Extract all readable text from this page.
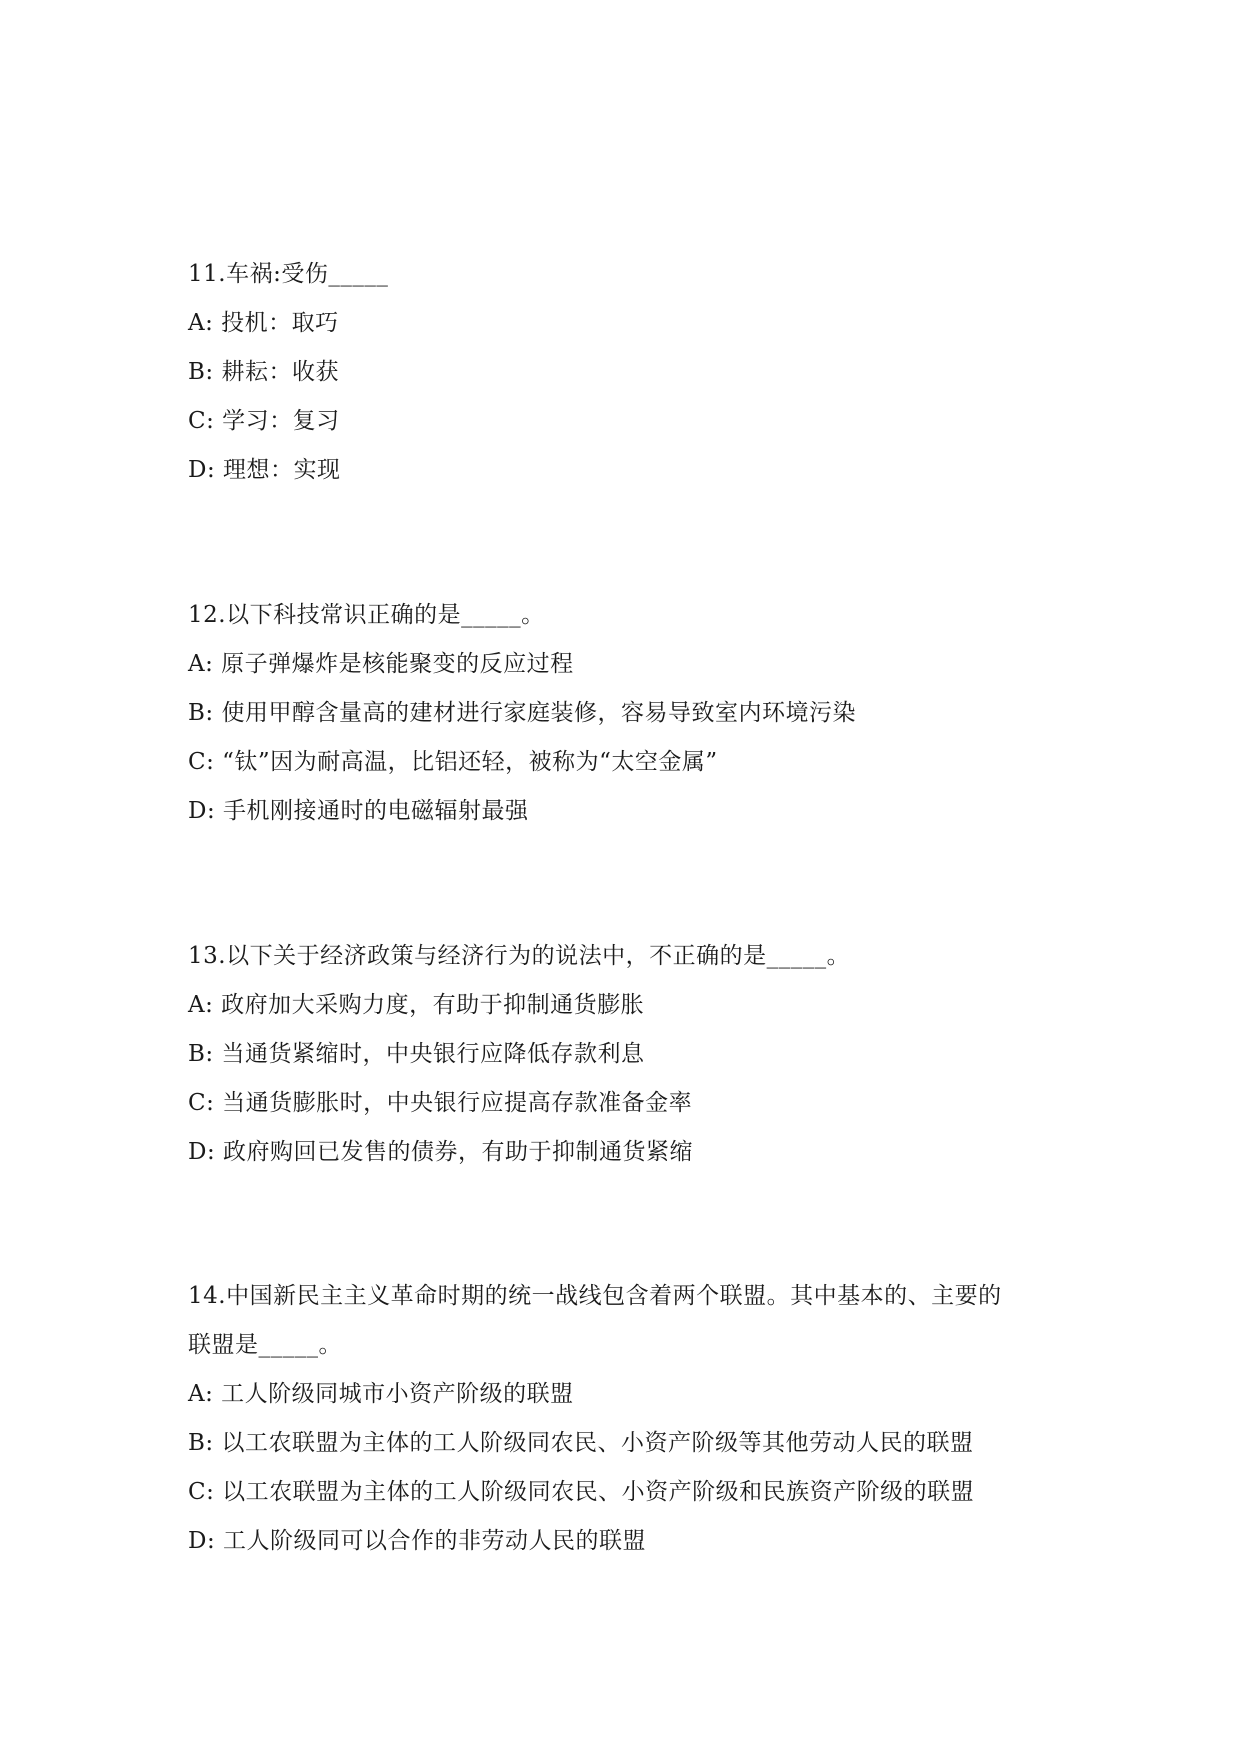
11.车祸:受伤_____

A: 投机：取巧

B: 耕耘：收获

C: 学习：复习

D: 理想：实现

12.以下科技常识正确的是_____。

A: 原子弹爆炸是核能聚变的反应过程

B: 使用甲醇含量高的建材进行家庭装修，容易导致室内环境污染

C: “钛”因为耐高温，比铝还轻，被称为“太空金属”

D: 手机刚接通时的电磁辐射最强

13.以下关于经济政策与经济行为的说法中，不正确的是_____。

A: 政府加大采购力度，有助于抑制通货膨胀

B: 当通货紧缩时，中央银行应降低存款利息

C: 当通货膨胀时，中央银行应提高存款准备金率

D: 政府购回已发售的债券，有助于抑制通货紧缩

14.中国新民主主义革命时期的统一战线包含着两个联盟。其中基本的、主要的

联盟是_____。

A: 工人阶级同城市小资产阶级的联盟

B: 以工农联盟为主体的工人阶级同农民、小资产阶级等其他劳动人民的联盟

C: 以工农联盟为主体的工人阶级同农民、小资产阶级和民族资产阶级的联盟

D: 工人阶级同可以合作的非劳动人民的联盟
